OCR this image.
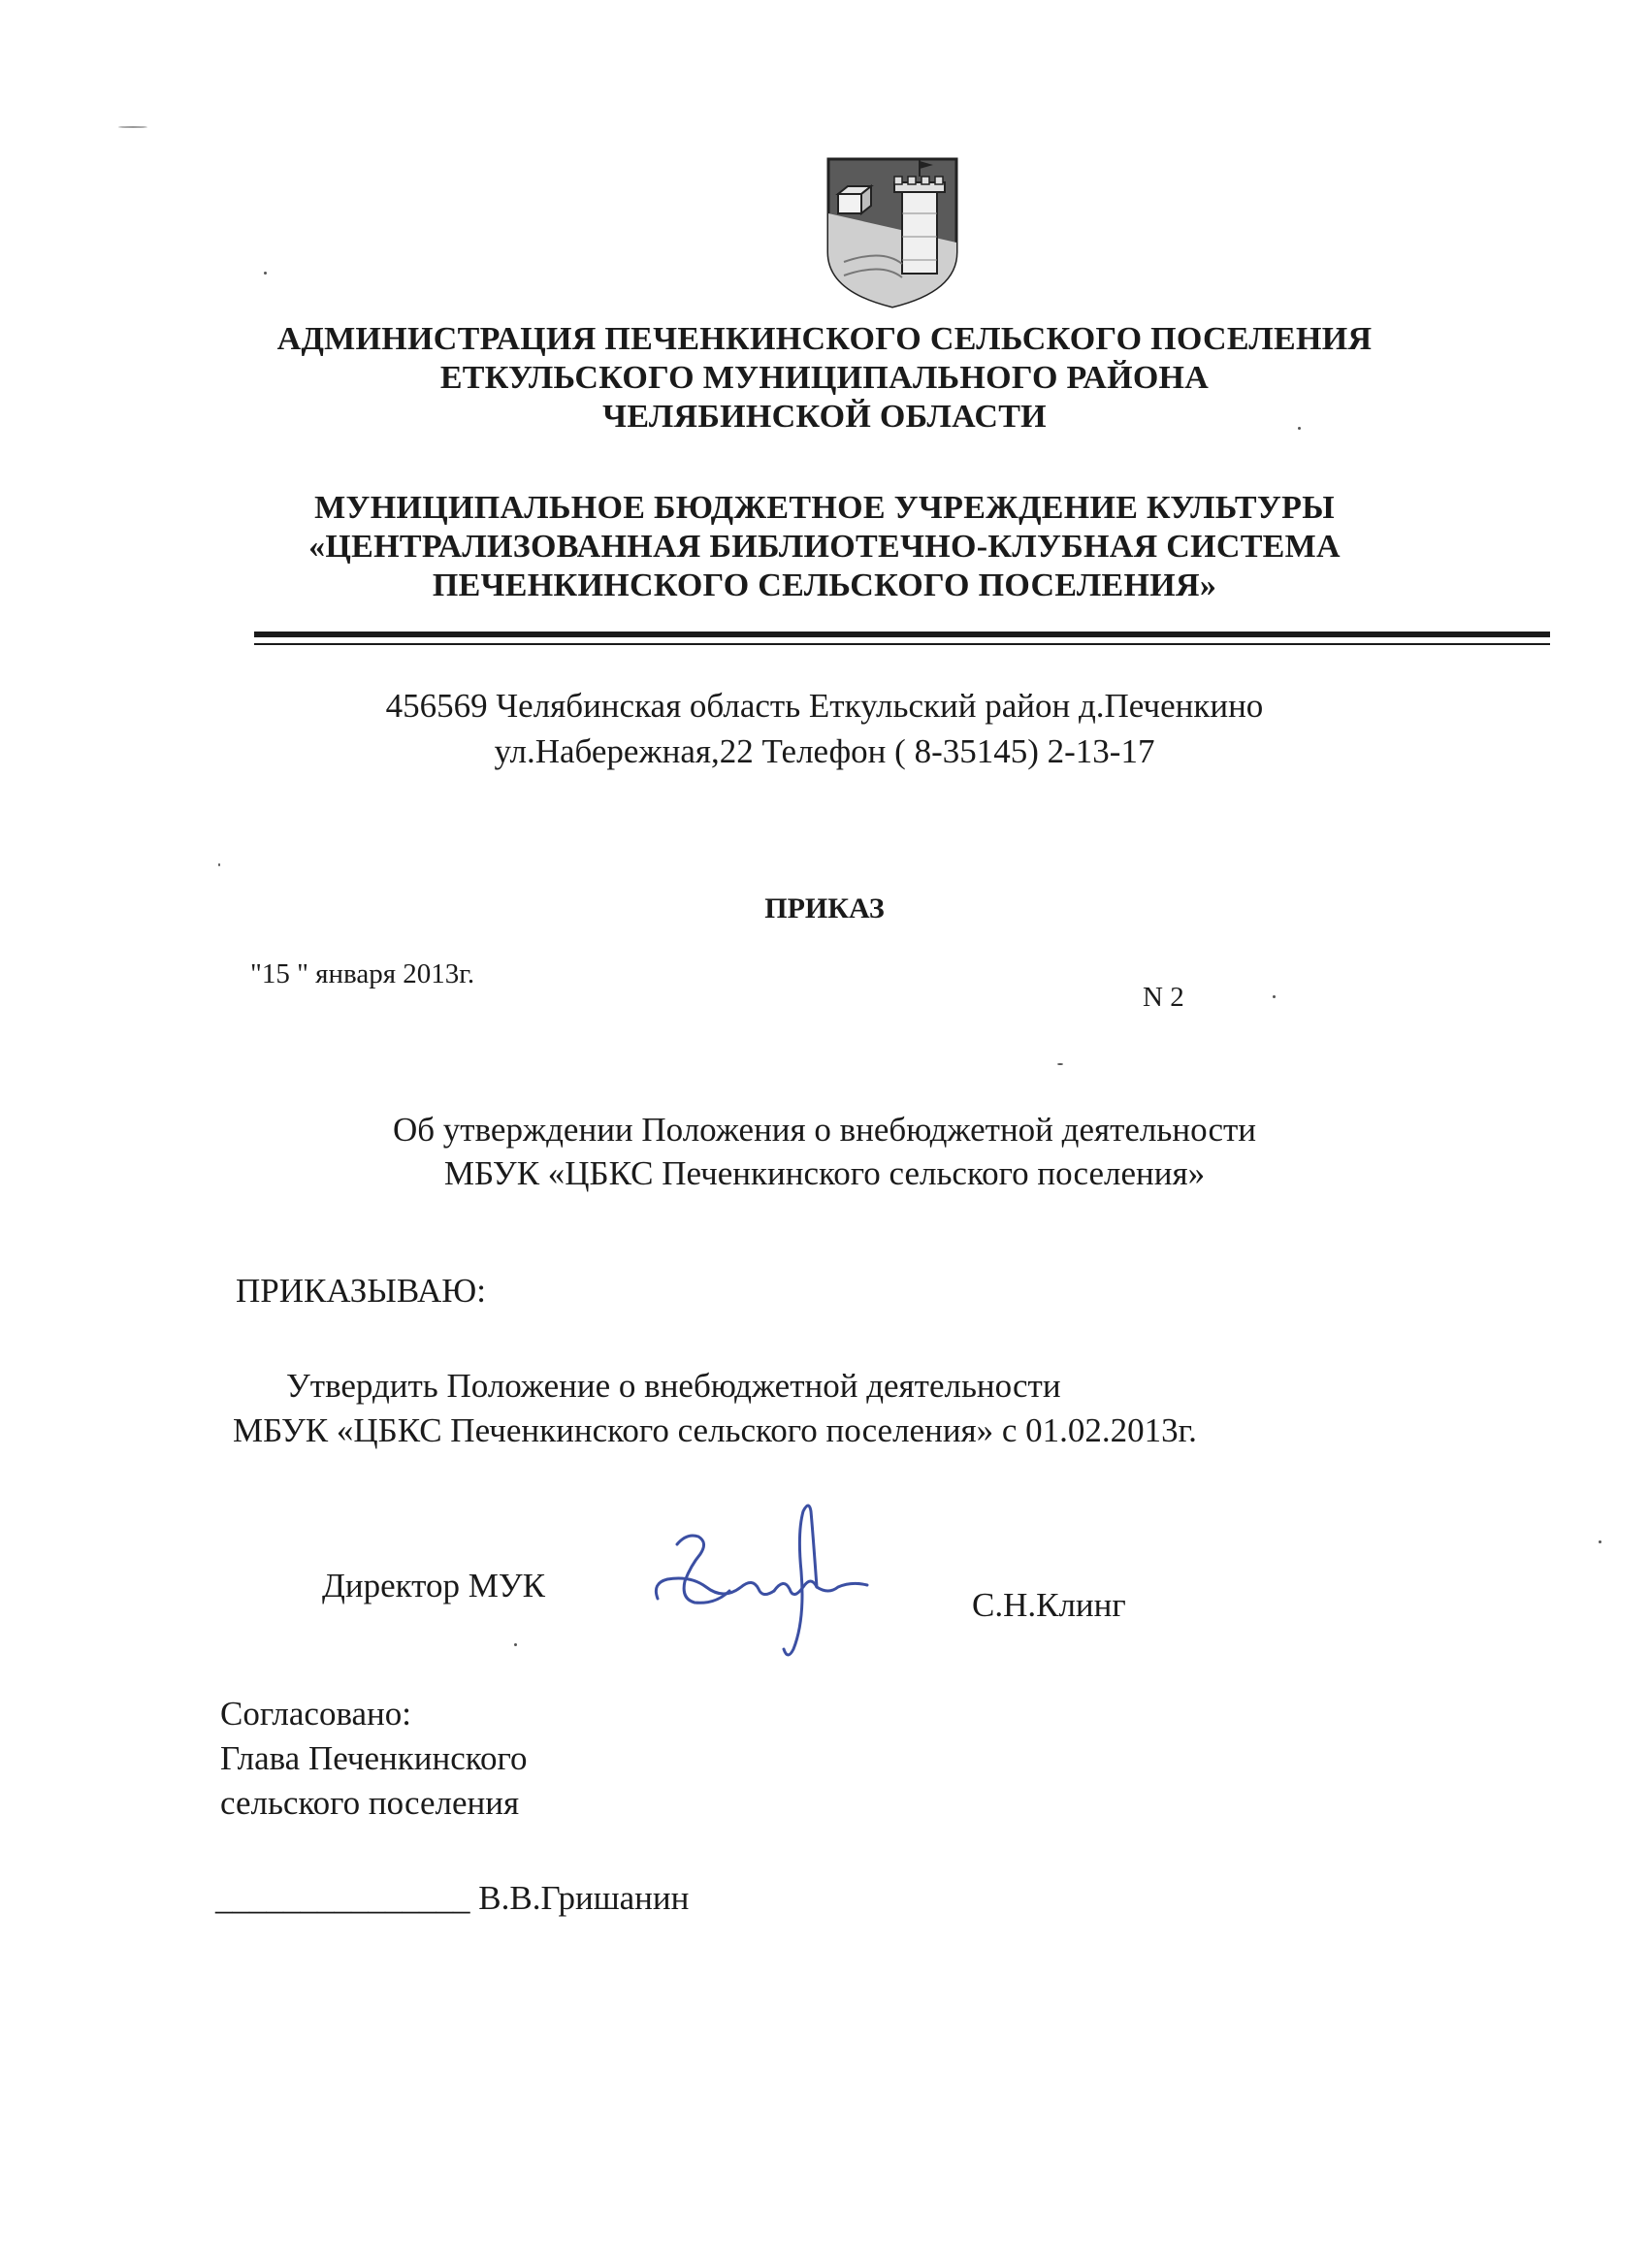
АДМИНИСТРАЦИЯ ПЕЧЕНКИНСКОГО СЕЛЬСКОГО ПОСЕЛЕНИЯ
ЕТКУЛЬСКОГО МУНИЦИПАЛЬНОГО РАЙОНА
ЧЕЛЯБИНСКОЙ ОБЛАСТИ
МУНИЦИПАЛЬНОЕ БЮДЖЕТНОЕ УЧРЕЖДЕНИЕ КУЛЬТУРЫ
«ЦЕНТРАЛИЗОВАННАЯ БИБЛИОТЕЧНО-КЛУБНАЯ СИСТЕМА
ПЕЧЕНКИНСКОГО СЕЛЬСКОГО ПОСЕЛЕНИЯ»
456569 Челябинская область Еткульский район д.Печенкино
ул.Набережная,22 Телефон ( 8-35145) 2-13-17
ПРИКАЗ
"15 " января 2013г.
N 2
Об утверждении Положения о внебюджетной деятельности
МБУК «ЦБКС Печенкинского сельского поселения»
ПРИКАЗЫВАЮ:
Утвердить Положение о внебюджетной деятельности
МБУК «ЦБКС Печенкинского сельского поселения» с 01.02.2013г.
Директор МУК
С.Н.Клинг
Согласовано:
Глава Печенкинского
сельского поселения
_______________ В.В.Гришанин
